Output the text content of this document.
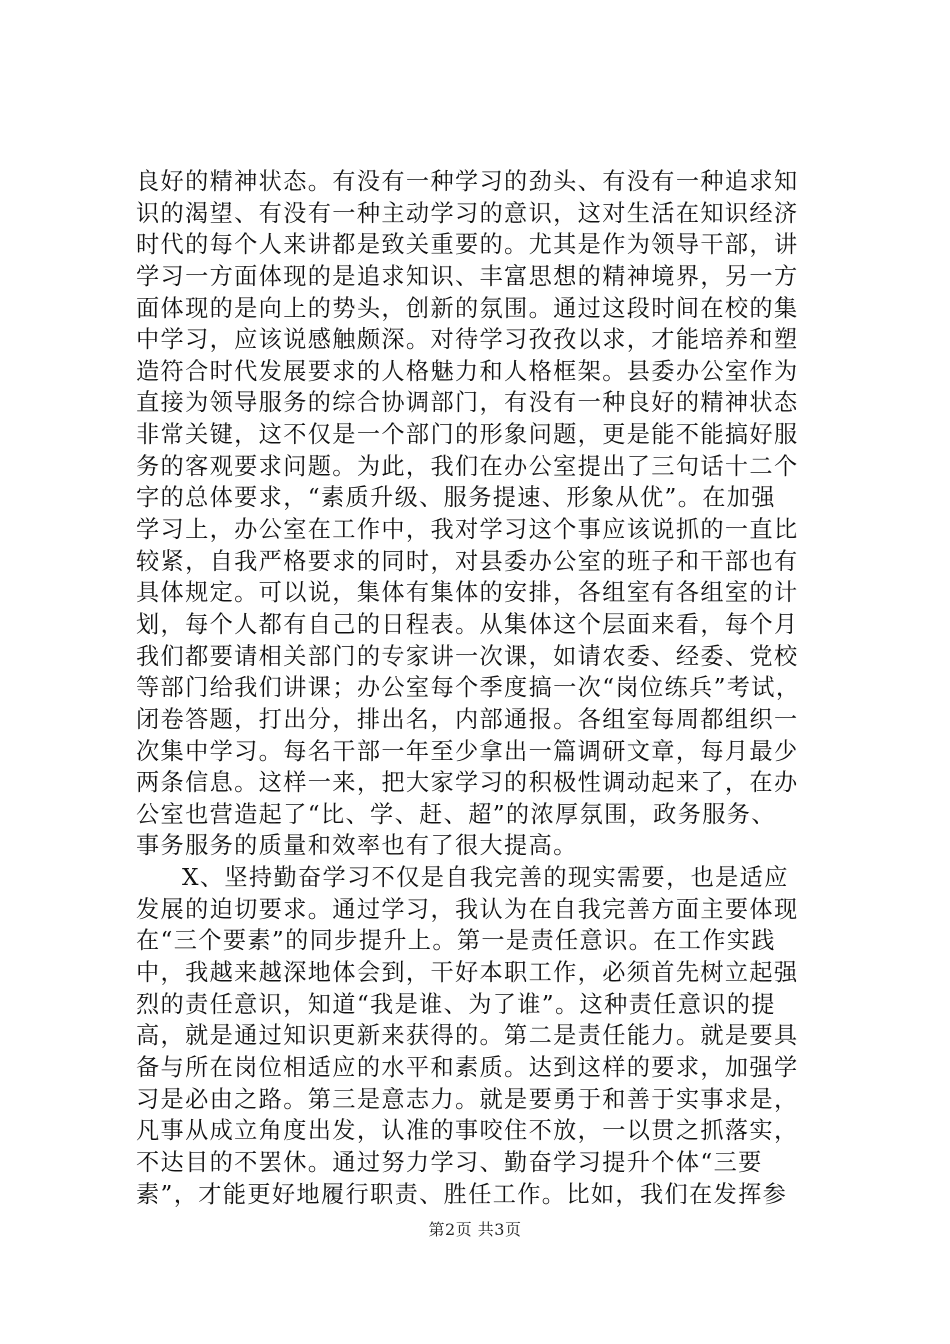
良好的精神状态。有没有一种学习的劲头、有没有一种追求知
识的渴望、有没有一种主动学习的意识，这对生活在知识经济
时代的每个人来讲都是致关重要的。尤其是作为领导干部，讲
学习一方面体现的是追求知识、丰富思想的精神境界，另一方
面体现的是向上的势头，创新的氛围。通过这段时间在校的集
中学习，应该说感触颇深。对待学习孜孜以求，才能培养和塑
造符合时代发展要求的人格魅力和人格框架。县委办公室作为
直接为领导服务的综合协调部门，有没有一种良好的精神状态
非常关键，这不仅是一个部门的形象问题，更是能不能搞好服
务的客观要求问题。为此，我们在办公室提出了三句话十二个
字的总体要求，“素质升级、服务提速、形象从优”。在加强
学习上，办公室在工作中，我对学习这个事应该说抓的一直比
较紧，自我严格要求的同时，对县委办公室的班子和干部也有
具体规定。可以说，集体有集体的安排，各组室有各组室的计
划，每个人都有自己的日程表。从集体这个层面来看，每个月
我们都要请相关部门的专家讲一次课，如请农委、经委、党校
等部门给我们讲课；办公室每个季度搞一次“岗位练兵”考试，
闭卷答题，打出分，排出名，内部通报。各组室每周都组织一
次集中学习。每名干部一年至少拿出一篇调研文章，每月最少
两条信息。这样一来，把大家学习的积极性调动起来了，在办
公室也营造起了“比、学、赶、超”的浓厚氛围，政务服务、
事务服务的质量和效率也有了很大提高。
X、坚持勤奋学习不仅是自我完善的现实需要，也是适应
发展的迫切要求。通过学习，我认为在自我完善方面主要体现
在“三个要素”的同步提升上。第一是责任意识。在工作实践
中，我越来越深地体会到，干好本职工作，必须首先树立起强
烈的责任意识，知道“我是谁、为了谁”。这种责任意识的提
高，就是通过知识更新来获得的。第二是责任能力。就是要具
备与所在岗位相适应的水平和素质。达到这样的要求，加强学
习是必由之路。第三是意志力。就是要勇于和善于实事求是，
凡事从成立角度出发，认准的事咬住不放，一以贯之抓落实，
不达目的不罢休。通过努力学习、勤奋学习提升个体“三要
素”，才能更好地履行职责、胜任工作。比如，我们在发挥参
第2页 共3页
